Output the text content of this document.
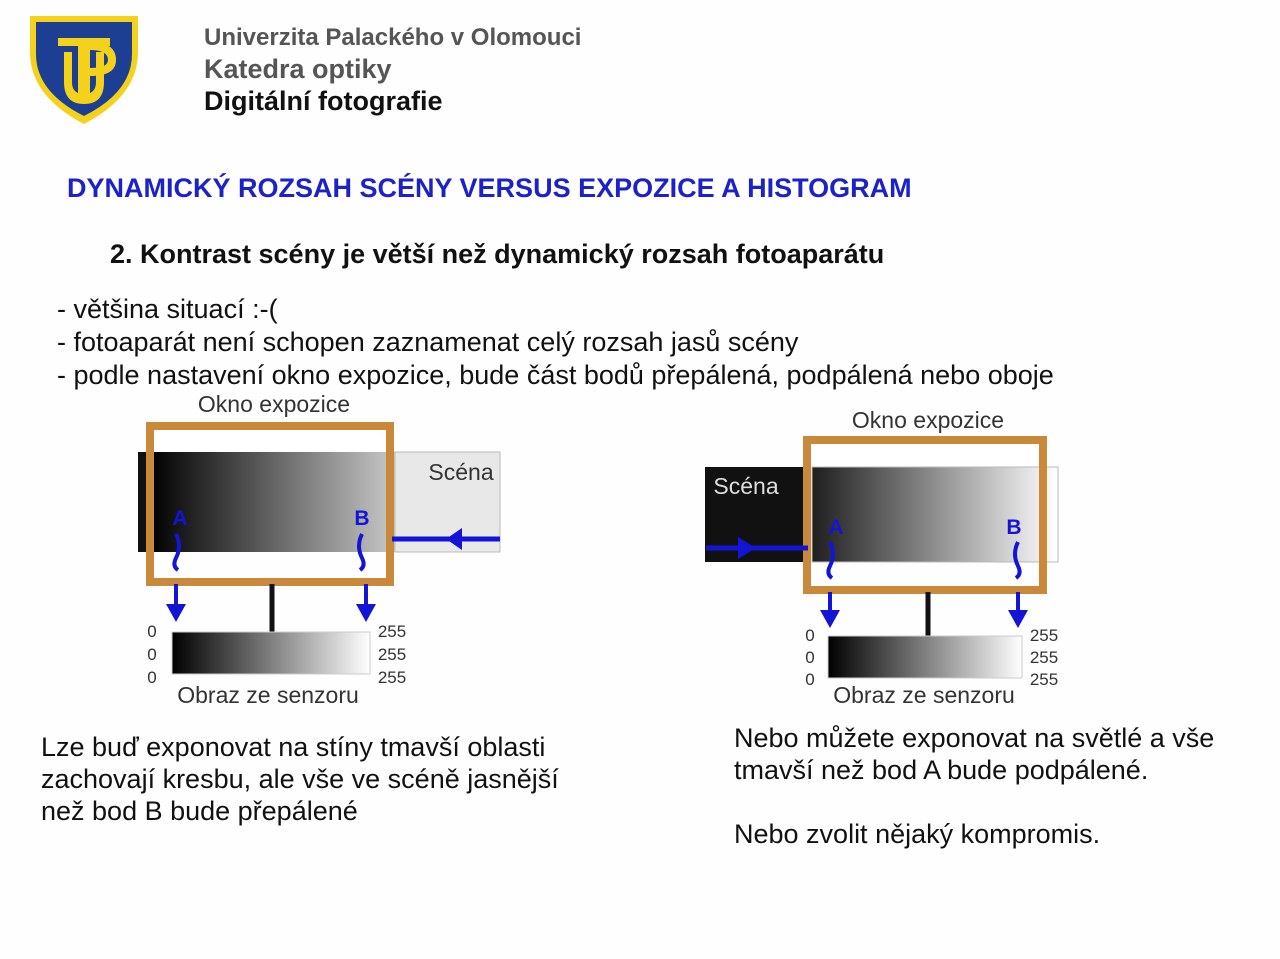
Univerzita Palackého v Olomouci
Katedra optiky
Digitální fotografie
DYNAMICKÝ ROZSAH SCÉNY VERSUS EXPOZICE A HISTOGRAM
2. Kontrast scény je větší než dynamický rozsah fotoaparátu
- většina situací :-(
- fotoaparát není schopen zaznamenat celý rozsah jasů scény
- podle nastavení okno expozice, bude část bodů přepálená, podpálená nebo oboje
Okno expozice
Scéna
A	B
0
0
0
255
255
255
Obraz ze senzoru
Okno expozice
Scéna
A	B
0
0
0
255
255
255
Obraz ze senzoru
Lze buď exponovat na stíny tmavší oblasti zachovají kresbu, ale vše ve scéně jasnější než bod B bude přepálené
Nebo můžete exponovat na světlé a vše tmavší než bod A bude podpálené.
Nebo zvolit nějaký kompromis.
